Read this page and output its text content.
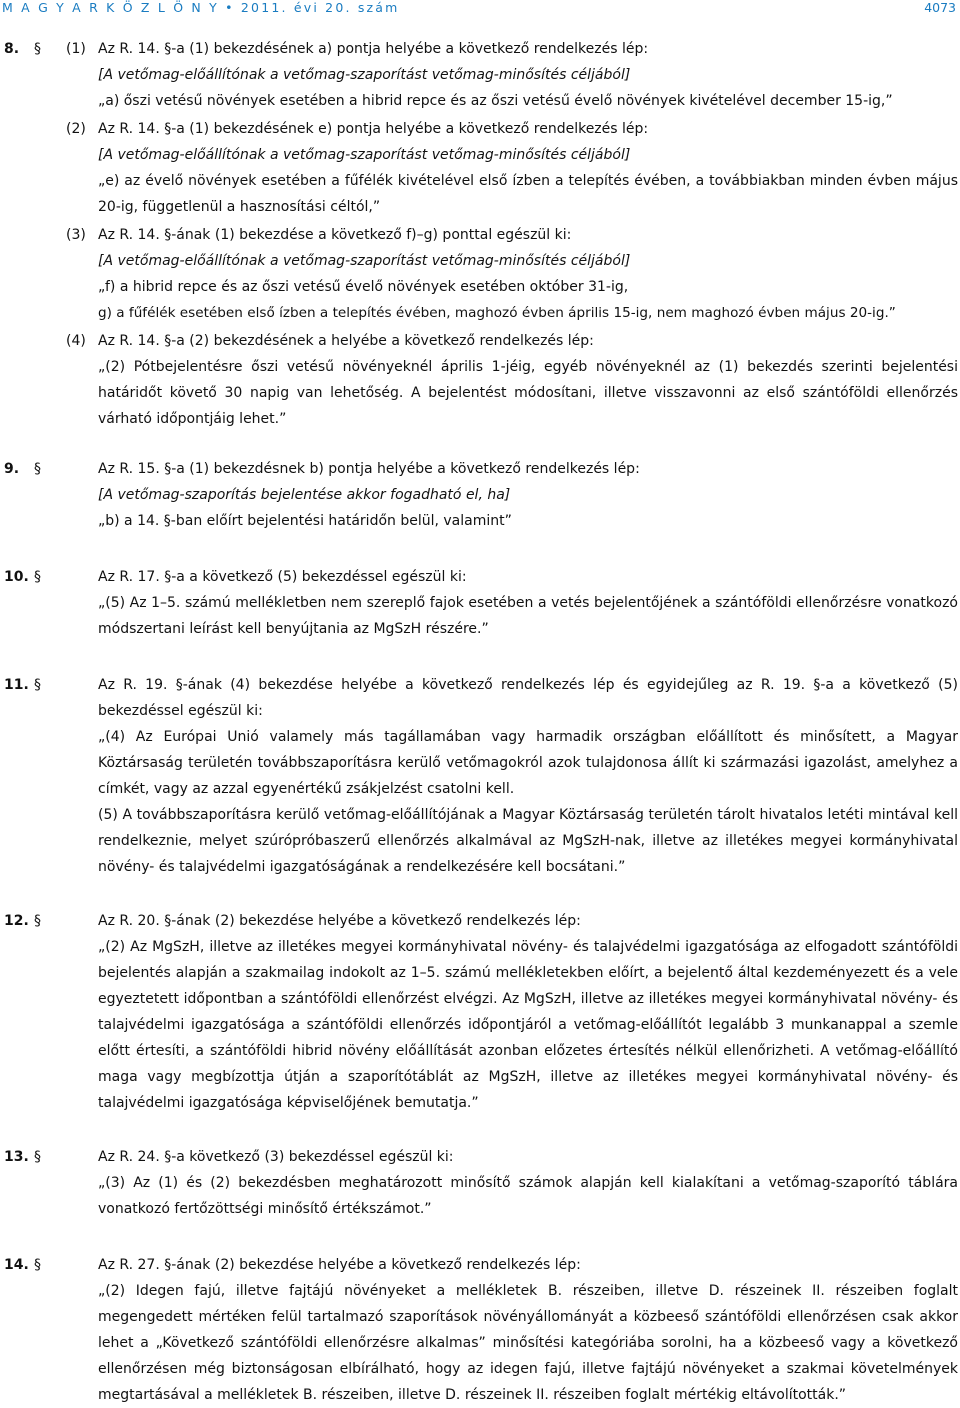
M A G Y A R K Ö Z L Ö N Y • 2011. évi 20. szám	4073
8. § (1) Az R. 14. §-a (1) bekezdésének a) pontja helyébe a következő rendelkezés lép:
[A vetőmag-előállítónak a vetőmag-szaporítást vetőmag-minősítés céljából]
„a) őszi vetésű növények esetében a hibrid repce és az őszi vetésű évelő növények kivételével december 15-ig,”
(2) Az R. 14. §-a (1) bekezdésének e) pontja helyébe a következő rendelkezés lép:
[A vetőmag-előállítónak a vetőmag-szaporítást vetőmag-minősítés céljából]
„e) az évelő növények esetében a fűfélék kivételével első ízben a telepítés évében, a továbbiakban minden évben május 20-ig, függetlenül a hasznosítási céltól,”
(3) Az R. 14. §-ának (1) bekezdése a következő f)–g) ponttal egészül ki:
[A vetőmag-előállítónak a vetőmag-szaporítást vetőmag-minősítés céljából]
„f) a hibrid repce és az őszi vetésű évelő növények esetében október 31-ig,
g) a fűfélék esetében első ízben a telepítés évében, maghozó évben április 15-ig, nem maghozó évben május 20-ig.”
(4) Az R. 14. §-a (2) bekezdésének a helyébe a következő rendelkezés lép:
„(2) Pótbejelentésre őszi vetésű növényeknél április 1-jéig, egyéb növényeknél az (1) bekezdés szerinti bejelentési határidőt követő 30 napig van lehetőség. A bejelentést módosítani, illetve visszavonni az első szántóföldi ellenőrzés várható időpontjáig lehet.”
9.	§	Az R. 15. §-a (1) bekezdésnek b) pontja helyébe a következő rendelkezés lép:

[A vetőmag-szaporítás bejelentése akkor fogadható el, ha]

„b) a 14. §-ban előírt bejelentési határidőn belül, valamint”

10. §	Az R. 17. §-a a következő (5) bekezdéssel egészül ki:

„(5) Az 1–5. számú mellékletben nem szereplő fajok esetében a vetés bejelentőjének a szántóföldi ellenőrzésre vonatkozó módszertani leírást kell benyújtania az MgSzH részére.”

11. §	Az R. 19. §-ának (4) bekezdése helyébe a következő rendelkezés lép és egyidejűleg az R. 19. §-a a következő (5) bekezdéssel egészül ki:

„(4) Az Európai Unió valamely más tagállamában vagy harmadik országban előállított és minősített, a Magyar Köztársaság területén továbbszaporításra kerülő vetőmagokról azok tulajdonosa állít ki származási igazolást, amelyhez a címkét, vagy az azzal egyenértékű zsákjelzést csatolni kell.

(5) A továbbszaporításra kerülő vetőmag-előállítójának a Magyar Köztársaság területén tárolt hivatalos letéti mintával kell rendelkeznie, melyet szúrópróbaszerű ellenőrzés alkalmával az MgSzH-nak, illetve az illetékes megyei kormányhivatal növény- és talajvédelmi igazgatóságának a rendelkezésére kell bocsátani.”

12. §	Az R. 20. §-ának (2) bekezdése helyébe a következő rendelkezés lép:

„(2) Az MgSzH, illetve az illetékes megyei kormányhivatal növény- és talajvédelmi igazgatósága az elfogadott szántóföldi bejelentés alapján a szakmailag indokolt az 1–5. számú mellékletekben előírt, a bejelentő által kezdeményezett és a vele egyeztetett időpontban a szántóföldi ellenőrzést elvégzi. Az MgSzH, illetve az illetékes megyei kormányhivatal növény- és talajvédelmi igazgatósága a szántóföldi ellenőrzés időpontjáról a vetőmag-előállítót legalább 3 munkanappal a szemle előtt értesíti, a szántóföldi hibrid növény előállítását azonban előzetes értesítés nélkül ellenőrizheti. A vetőmag-előállító maga vagy megbízottja útján a szaporítótáblát az MgSzH, illetve az illetékes megyei kormányhivatal növény- és talajvédelmi igazgatósága képviselőjének bemutatja.”

13. §	Az R. 24. §-a következő (3) bekezdéssel egészül ki:

„(3) Az (1) és (2) bekezdésben meghatározott minősítő számok alapján kell kialakítani a vetőmag-szaporító táblára vonatkozó fertőzöttségi minősítő értékszámot.”

14. §	Az R. 27. §-ának (2) bekezdése helyébe a következő rendelkezés lép:

„(2) Idegen fajú, illetve fajtájú növényeket a mellékletek B. részeiben, illetve D. részeinek II. részeiben foglalt megengedett mértéken felül tartalmazó szaporítások növényállományát a közbeeső szántóföldi ellenőrzésen csak akkor lehet a „Következő szántóföldi ellenőrzésre alkalmas” minősítési kategóriába sorolni, ha a közbeeső vagy a következő ellenőrzésen még biztonságosan elbírálható, hogy az idegen fajú, illetve fajtájú növényeket a szakmai követelmények megtartásával a mellékletek B. részeiben, illetve D. részeinek II. részeiben foglalt mértékig eltávolították.”
